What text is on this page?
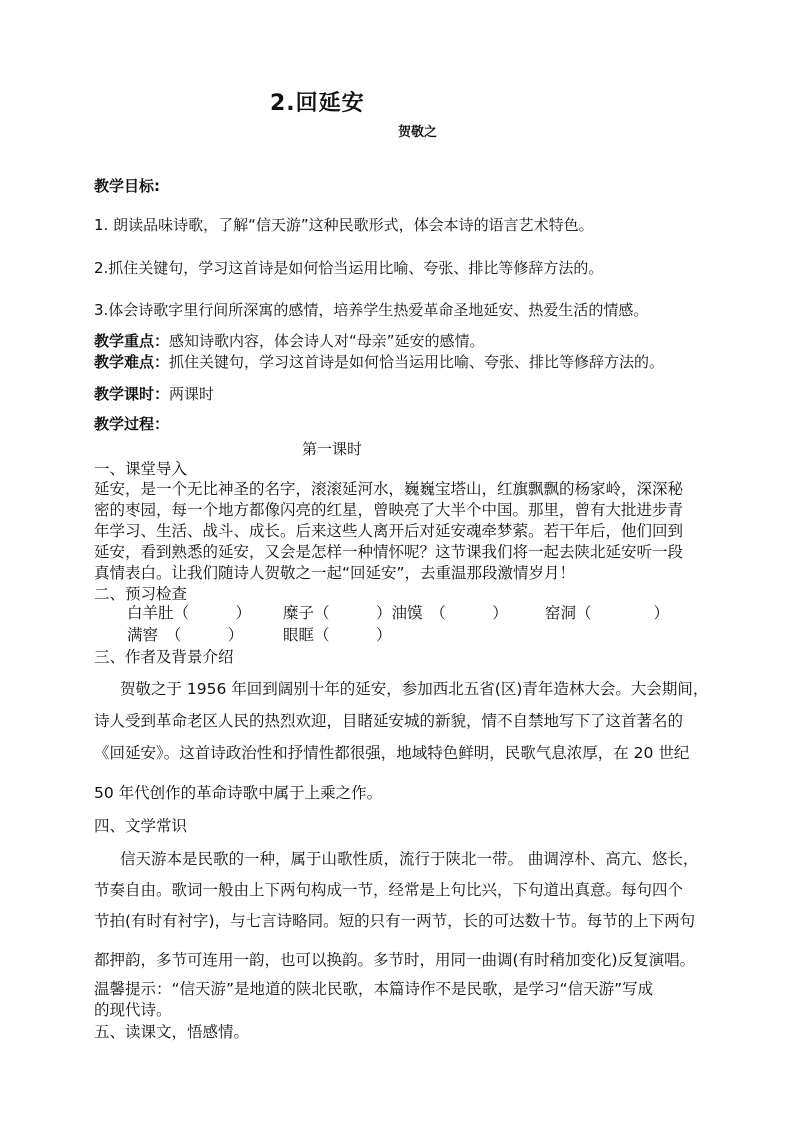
2.回延安
贺敬之
教学目标:
1. 朗读品味诗歌，了解“信天游”这种民歌形式，体会本诗的语言艺术特色。
2.抓住关键句，学习这首诗是如何恰当运用比喻、夸张、排比等修辞方法的。
3.体会诗歌字里行间所深寓的感情，培养学生热爱革命圣地延安、热爱生活的情感。
教学重点：感知诗歌内容，体会诗人对“母亲”延安的感情。
教学难点：抓住关键句，学习这首诗是如何恰当运用比喻、夸张、排比等修辞方法的。
教学课时：两课时
教学过程：
第一课时
一、课堂导入
延安，是一个无比神圣的名字，滚滚延河水，巍巍宝塔山，红旗飘飘的杨家岭，深深秘
密的枣园，每一个地方都像闪亮的红星，曾映亮了大半个中国。那里，曾有大批进步青
年学习、生活、战斗、成长。后来这些人离开后对延安魂牵梦萦。若干年后，他们回到
延安，看到熟悉的延安，又会是怎样一种情怀呢？这节课我们将一起去陕北延安听一段
真情表白。让我们随诗人贺敬之一起“回延安”，去重温那段激情岁月！
二、预习检查
白羊肚（　　　） 糜子（　　　）油馍　（　　　） 窑洞（　　　　）
满窖　（　　　）	眼眶（　　　）
三、作者及背景介绍
贺敬之于 1956 年回到阔别十年的延安，参加西北五省(区)青年造林大会。大会期间，
诗人受到革命老区人民的热烈欢迎，目睹延安城的新貌，情不自禁地写下了这首著名的
《回延安》。这首诗政治性和抒情性都很强，地域特色鲜明，民歌气息浓厚，在 20 世纪
50 年代创作的革命诗歌中属于上乘之作。
四、文学常识
信天游本是民歌的一种，属于山歌性质，流行于陕北一带。 曲调淳朴、高亢、悠长，
节奏自由。歌词一般由上下两句构成一节，经常是上句比兴，下句道出真意。每句四个
节拍(有时有衬字)，与七言诗略同。短的只有一两节，长的可达数十节。每节的上下两句
都押韵，多节可连用一韵，也可以换韵。多节时，用同一曲调(有时稍加变化)反复演唱。
温馨提示：“信天游”是地道的陕北民歌，本篇诗作不是民歌，是学习“信天游”写成
的现代诗。
五、读课文，悟感情。
